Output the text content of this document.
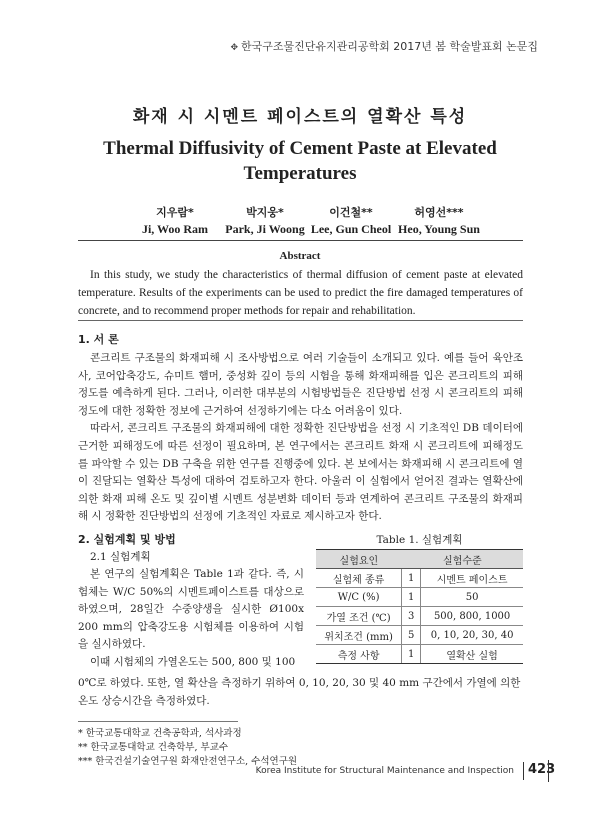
✥ 한국구조물진단유지관리공학회 2017년 봄 학술발표회 논문집
화재 시 시멘트 페이스트의 열확산 특성
Thermal Diffusivity of Cement Paste at Elevated
Temperatures
지우람*
Ji, Woo Ram
박지웅*
Park, Ji Woong
이건철**
Lee, Gun Cheol
허영선***
Heo, Young Sun
Abstract
In this study, we study the characteristics of thermal diffusion of cement paste at elevated temperature. Results of the experiments can be used to predict the fire damaged temperatures of concrete, and to recommend proper methods for repair and rehabilitation.
1. 서 론

콘크리트 구조물의 화재피해 시 조사방법으로 여러 기술들이 소개되고 있다. 예를 들어 육안조사, 코어압축강도, 슈미트 햄머, 중성화 깊이 등의 시험을 통해 화재피해를 입은 콘크리트의 피해 정도를 예측하게 된다. 그러나, 이러한 대부분의 시험방법들은 진단방법 선정 시 콘크리트의 피해정도에 대한 정확한 정보에 근거하여 선정하기에는 다소 어려움이 있다.

따라서, 콘크리트 구조물의 화재피해에 대한 정확한 진단방법을 선정 시 기초적인 DB 데이터에 근거한 피해정도에 따른 선정이 필요하며, 본 연구에서는 콘크리트 화재 시 콘크리트에 피해정도를 파악할 수 있는 DB 구축을 위한 연구를 진행중에 있다. 본 보에서는 화재피해 시 콘크리트에 열이 진달되는 열확산 특성에 대하여 검토하고자 한다. 아울러 이 실험에서 얻어진 결과는 열확산에 의한 화재 피해 온도 및 깊이별 시멘트 성분변화 데이터 등과 연계하여 콘크리트 구조물의 화재피해 시 정확한 진단방법의 선정에 기초적인 자료로 제시하고자 한다.

2. 실험계획 및 방법
2.1 실험계획

본 연구의 실험계획은 Table 1과 같다. 즉, 시험체는 W/C 50%의 시멘트페이스트를 대상으로 하였으며, 28일간 수중양생을 실시한 Ø100x 200 mm의 압축강도용 시험체를 이용하여 시험을 실시하였다.

이때 시험체의 가열온도는 500, 800 및 100

0℃로 하였다. 또한, 열 확산을 측정하기 위하여 0, 10, 20, 30 및 40 mm 구간에서 가열에 의한
온도 상승시간을 측정하였다.
Table 1. 실험계획
실험요인	실험수준	
실험체 종류	1	시멘트 페이스트
W/C (%)	1	50
가열 조건 (℃)	3	500, 800, 1000
위치조건 (mm)	5	0, 10, 20, 30, 40
측정 사항	1	열확산 실험
* 한국교통대학교 건축공학과, 석사과정
** 한국교통대학교 건축학부, 부교수
*** 한국건설기술연구원 화재안전연구소, 수석연구원
Korea Institute for Structural Maintenance and Inspection 423
